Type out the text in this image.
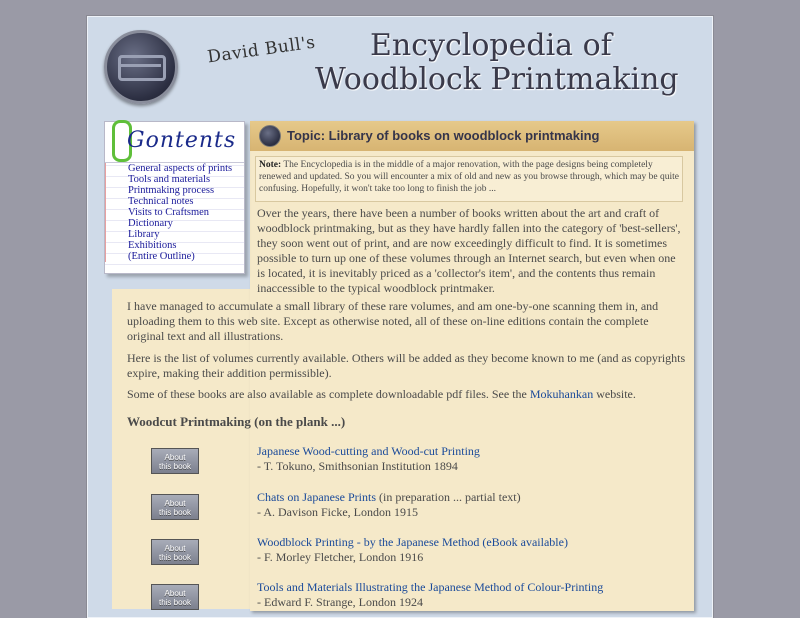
David Bull's Encyclopedia of
Woodblock Printmaking
Topic: Library of books on woodblock printmaking
Gontents
General aspects of prints
Tools and materials
Printmaking process
Technical notes
Visits to Craftsmen
Dictionary
Library
Exhibitions
(Entire Outline)
Note: The Encyclopedia is in the middle of a major renovation, with the page designs being completely renewed and updated. So you will encounter a mix of old and new as you browse through, which may be quite confusing. Hopefully, it won't take too long to finish the job ...
Over the years, there have been a number of books written about the art and craft of woodblock printmaking, but as they have hardly fallen into the category of 'best-sellers', they soon went out of print, and are now exceedingly difficult to find. It is sometimes possible to turn up one of these volumes through an Internet search, but even when one is located, it is inevitably priced as a 'collector's item', and the contents thus remain inaccessible to the typical woodblock printmaker.
I have managed to accumulate a small library of these rare volumes, and am one-by-one scanning them in, and uploading them to this web site. Except as otherwise noted, all of these on-line editions contain the complete original text and all illustrations.
Here is the list of volumes currently available. Others will be added as they become known to me (and as copyrights expire, making their addition permissible).
Some of these books are also available as complete downloadable pdf files. See the Mokuhankan website.
Woodcut Printmaking (on the plank ...)
About
this book
Japanese Wood-cutting and Wood-cut Printing
- T. Tokuno, Smithsonian Institution 1894
About
this book
Chats on Japanese Prints (in preparation ... partial text)
- A. Davison Ficke, London 1915
About
this book
Woodblock Printing - by the Japanese Method (eBook available)
- F. Morley Fletcher, London 1916
About
this book
Tools and Materials Illustrating the Japanese Method of Colour-Printing
- Edward F. Strange, London 1924
